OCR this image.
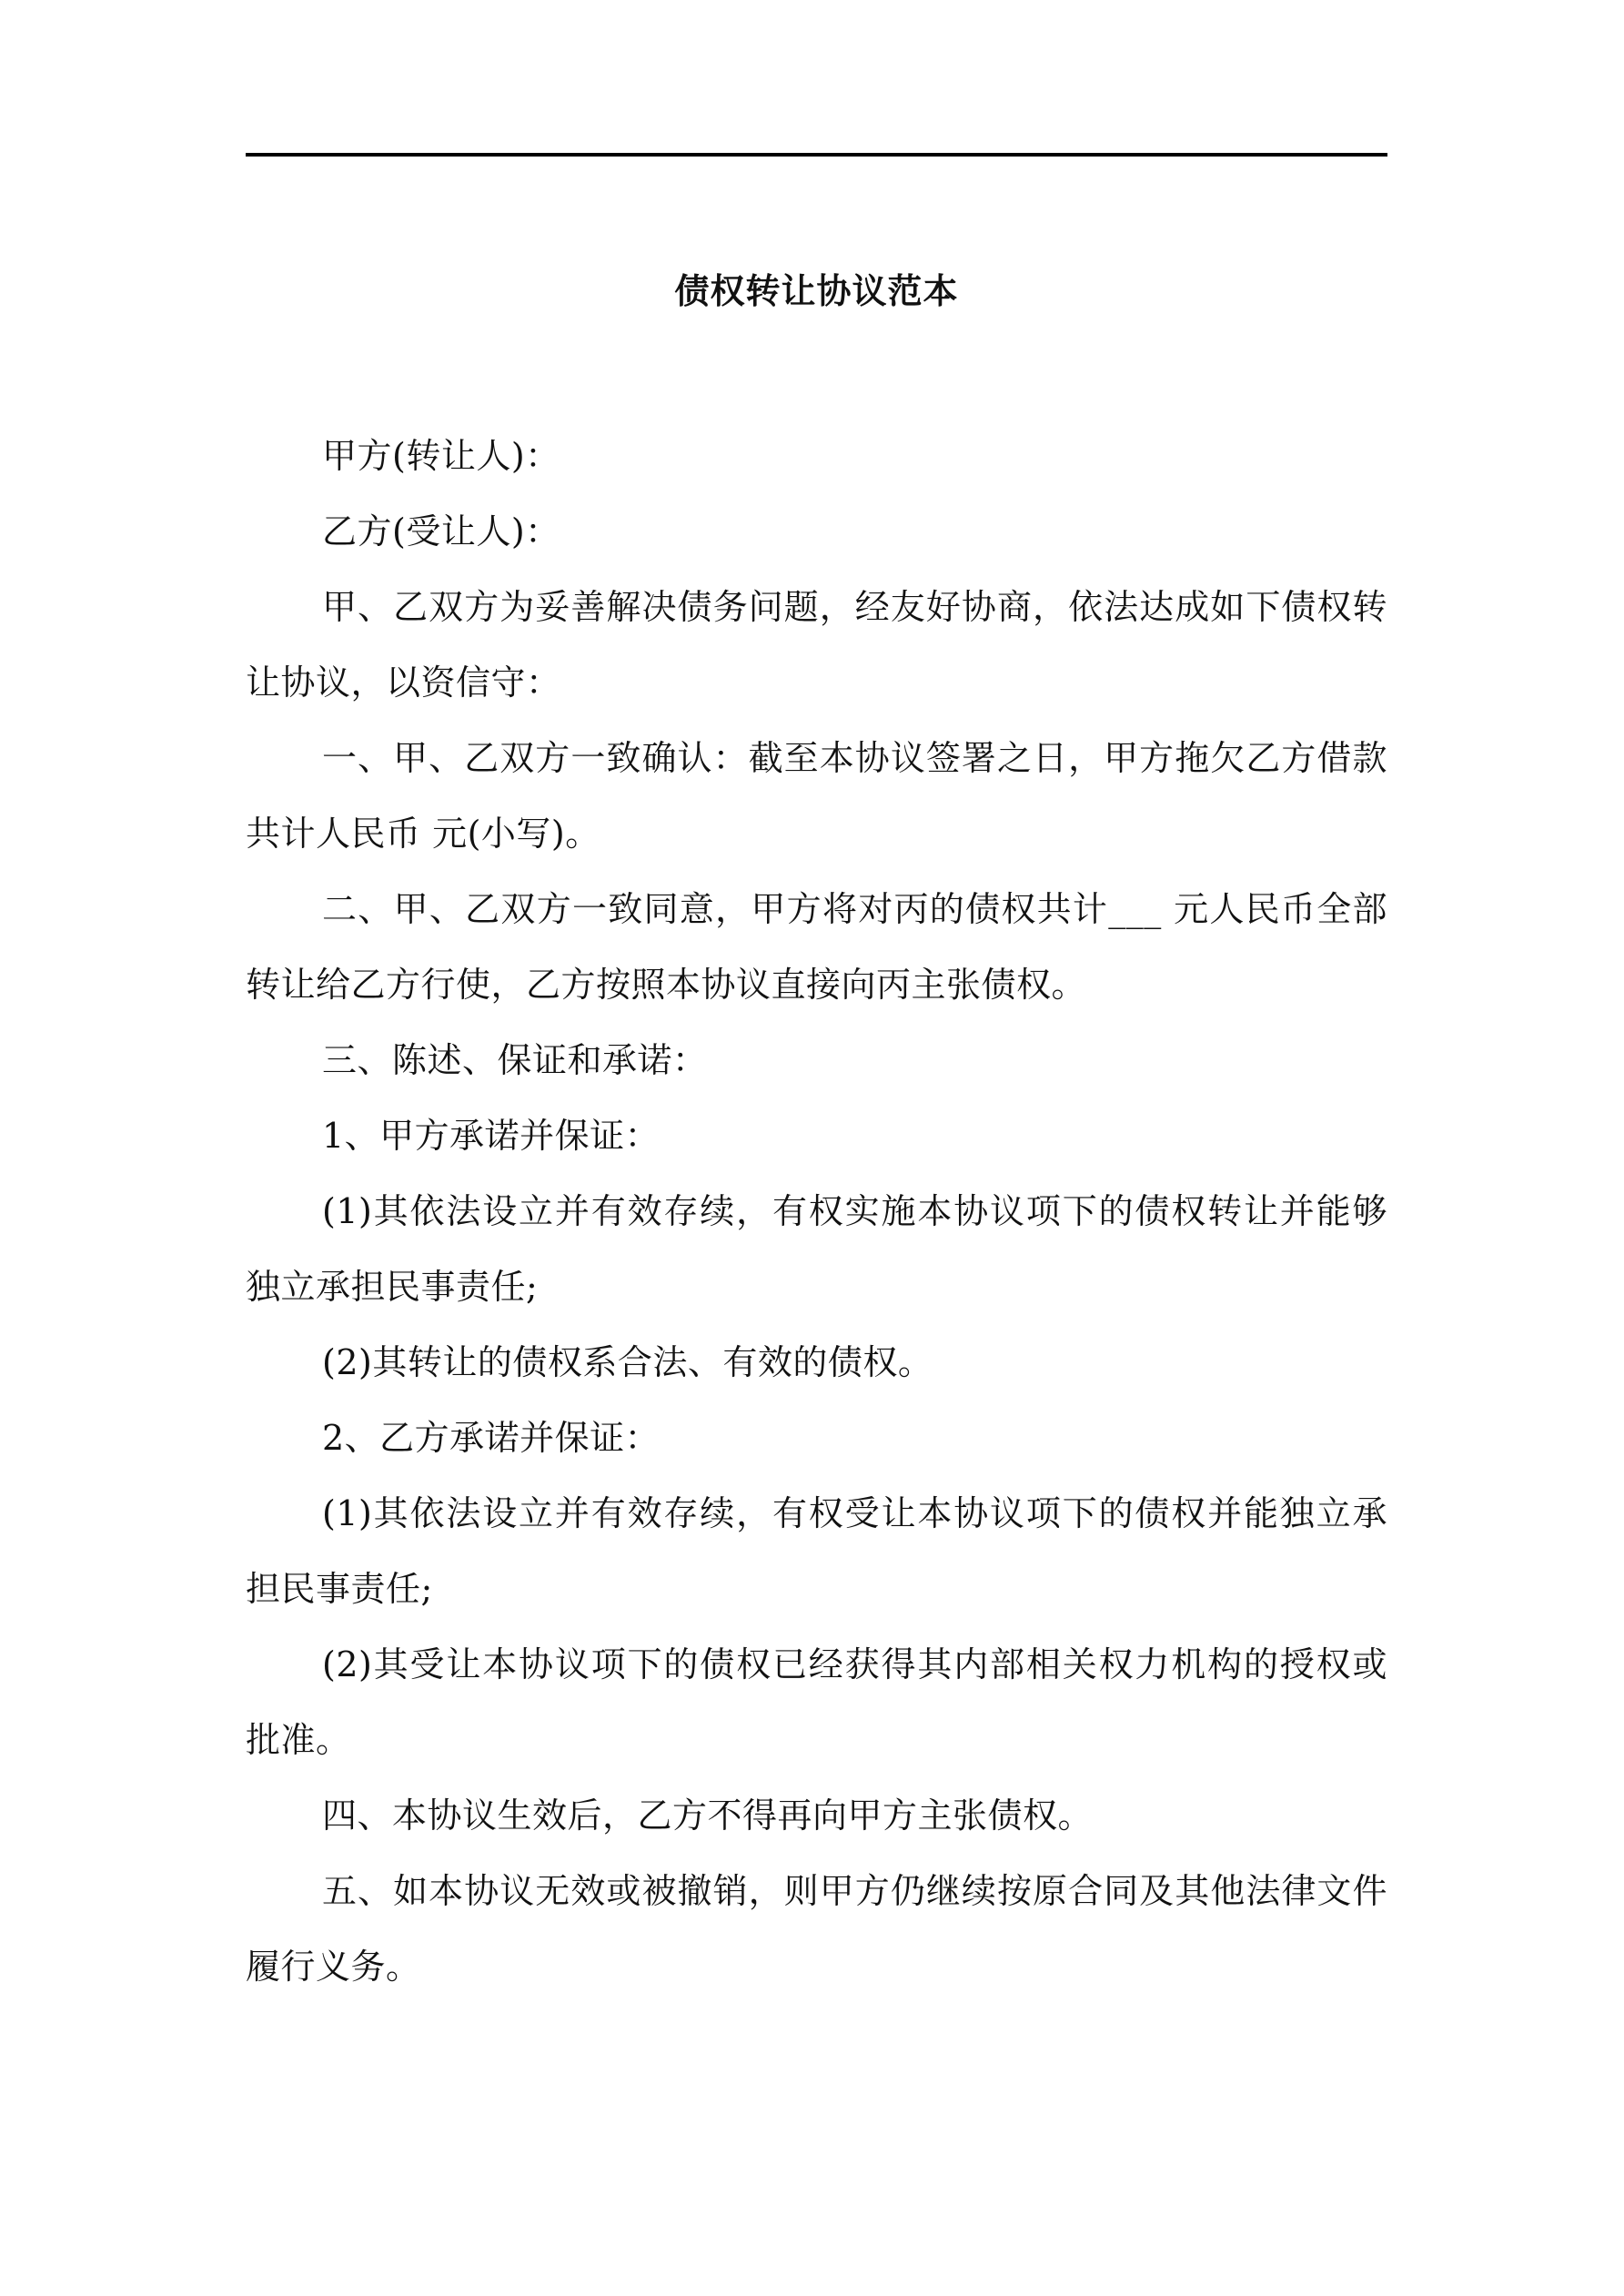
债权转让协议范本

甲方(转让人)：

乙方(受让人)：

甲、乙双方为妥善解决债务问题，经友好协商，依法达成如下债权转让协议，以资信守：

一、甲、乙双方一致确认：截至本协议签署之日，甲方拖欠乙方借款共计人民币 元(小写)。

二、甲、乙双方一致同意，甲方将对丙的债权共计___ 元人民币全部转让给乙方行使，乙方按照本协议直接向丙主张债权。

三、陈述、保证和承诺：

1、甲方承诺并保证：

(1)其依法设立并有效存续，有权实施本协议项下的债权转让并能够独立承担民事责任;

(2)其转让的债权系合法、有效的债权。

2、乙方承诺并保证：

(1)其依法设立并有效存续，有权受让本协议项下的债权并能独立承担民事责任;

(2)其受让本协议项下的债权已经获得其内部相关权力机构的授权或批准。

四、本协议生效后，乙方不得再向甲方主张债权。

五、如本协议无效或被撤销，则甲方仍继续按原合同及其他法律文件履行义务。
